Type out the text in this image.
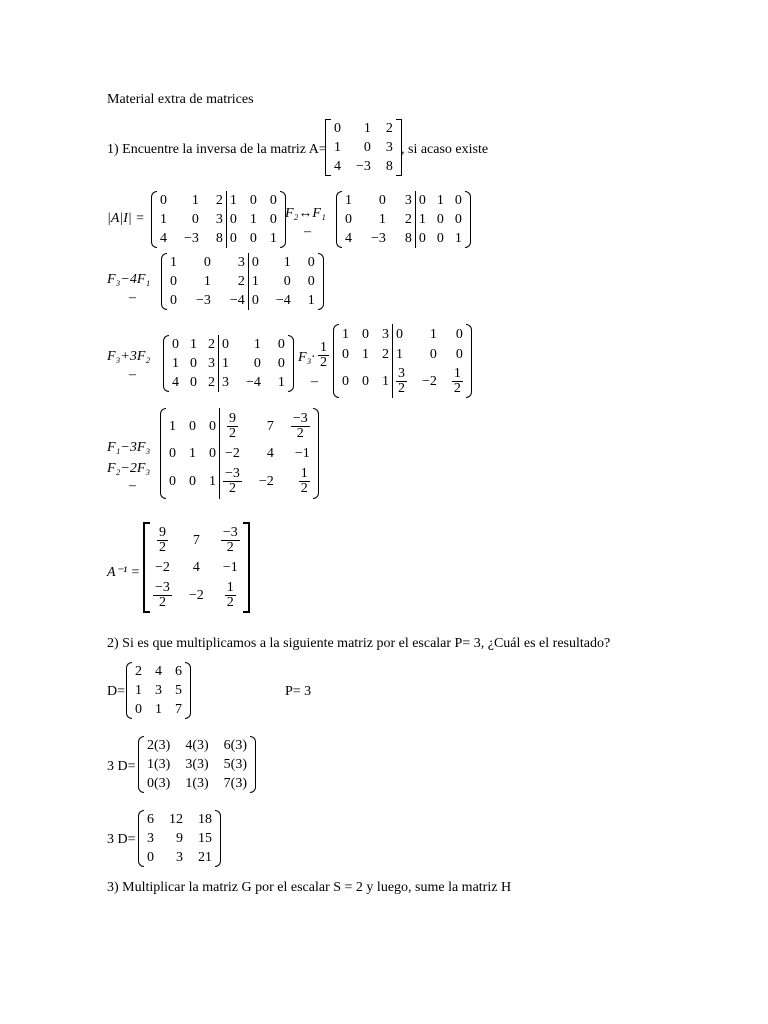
Material extra de matrices
1) Encuentre la inversa de la matriz A=
0	1	2
1	0	3
4	−3	8
, si acaso existe
|A|I| =
0	1	2	1	0	0
1	0	3	0	1	0
4	−3	8	0	0	1
F₂↔F₁
–
1	0	3	0	1	0
0	1	2	1	0	0
4	−3	8	0	0	1
F₃−4F₁
–
1	0	3	0	1	0
0	1	2	1	0	0
0	−3	−4	0	−4	1
F₃+3F₂
–
0	1	2	0	1	0
1	0	3	1	0	0
4	0	2	3	−4	1
$F_3\cdot \frac{1}{2}$
–
1	0	3	0	1	0
0	1	2	1	0	0
0	0	1	$\frac{3}{2}$	−2	$\frac{1}{2}$
F₁−3F₃
F₂−2F₃
–
1	0	0	$\frac{9}{2}$	7	$\frac{-3}{2}$

0	1	0	−2	4	−1
0	0	1	$\frac{-3}{2}$	−2	$\frac{1}{2}$
A⁻¹ =
$\frac{9}{2}$	7	$\frac{-3}{2}$

−2	4	−1

$\frac{-3}{2}$	−2	$\frac{1}{2}$
2) Si es que multiplicamos a la siguiente matriz por el escalar P= 3, ¿Cuál es el resultado?
D=
2	4	6
1	3	5
0	1	7
P= 3
3 D=
2(3)	4(3)	6(3)
1(3)	3(3)	5(3)
0(3)	1(3)	7(3)
3 D=
6	12	18
3	9	15
0	3	21
3) Multiplicar la matriz G por el escalar S = 2 y luego, sume la matriz H
